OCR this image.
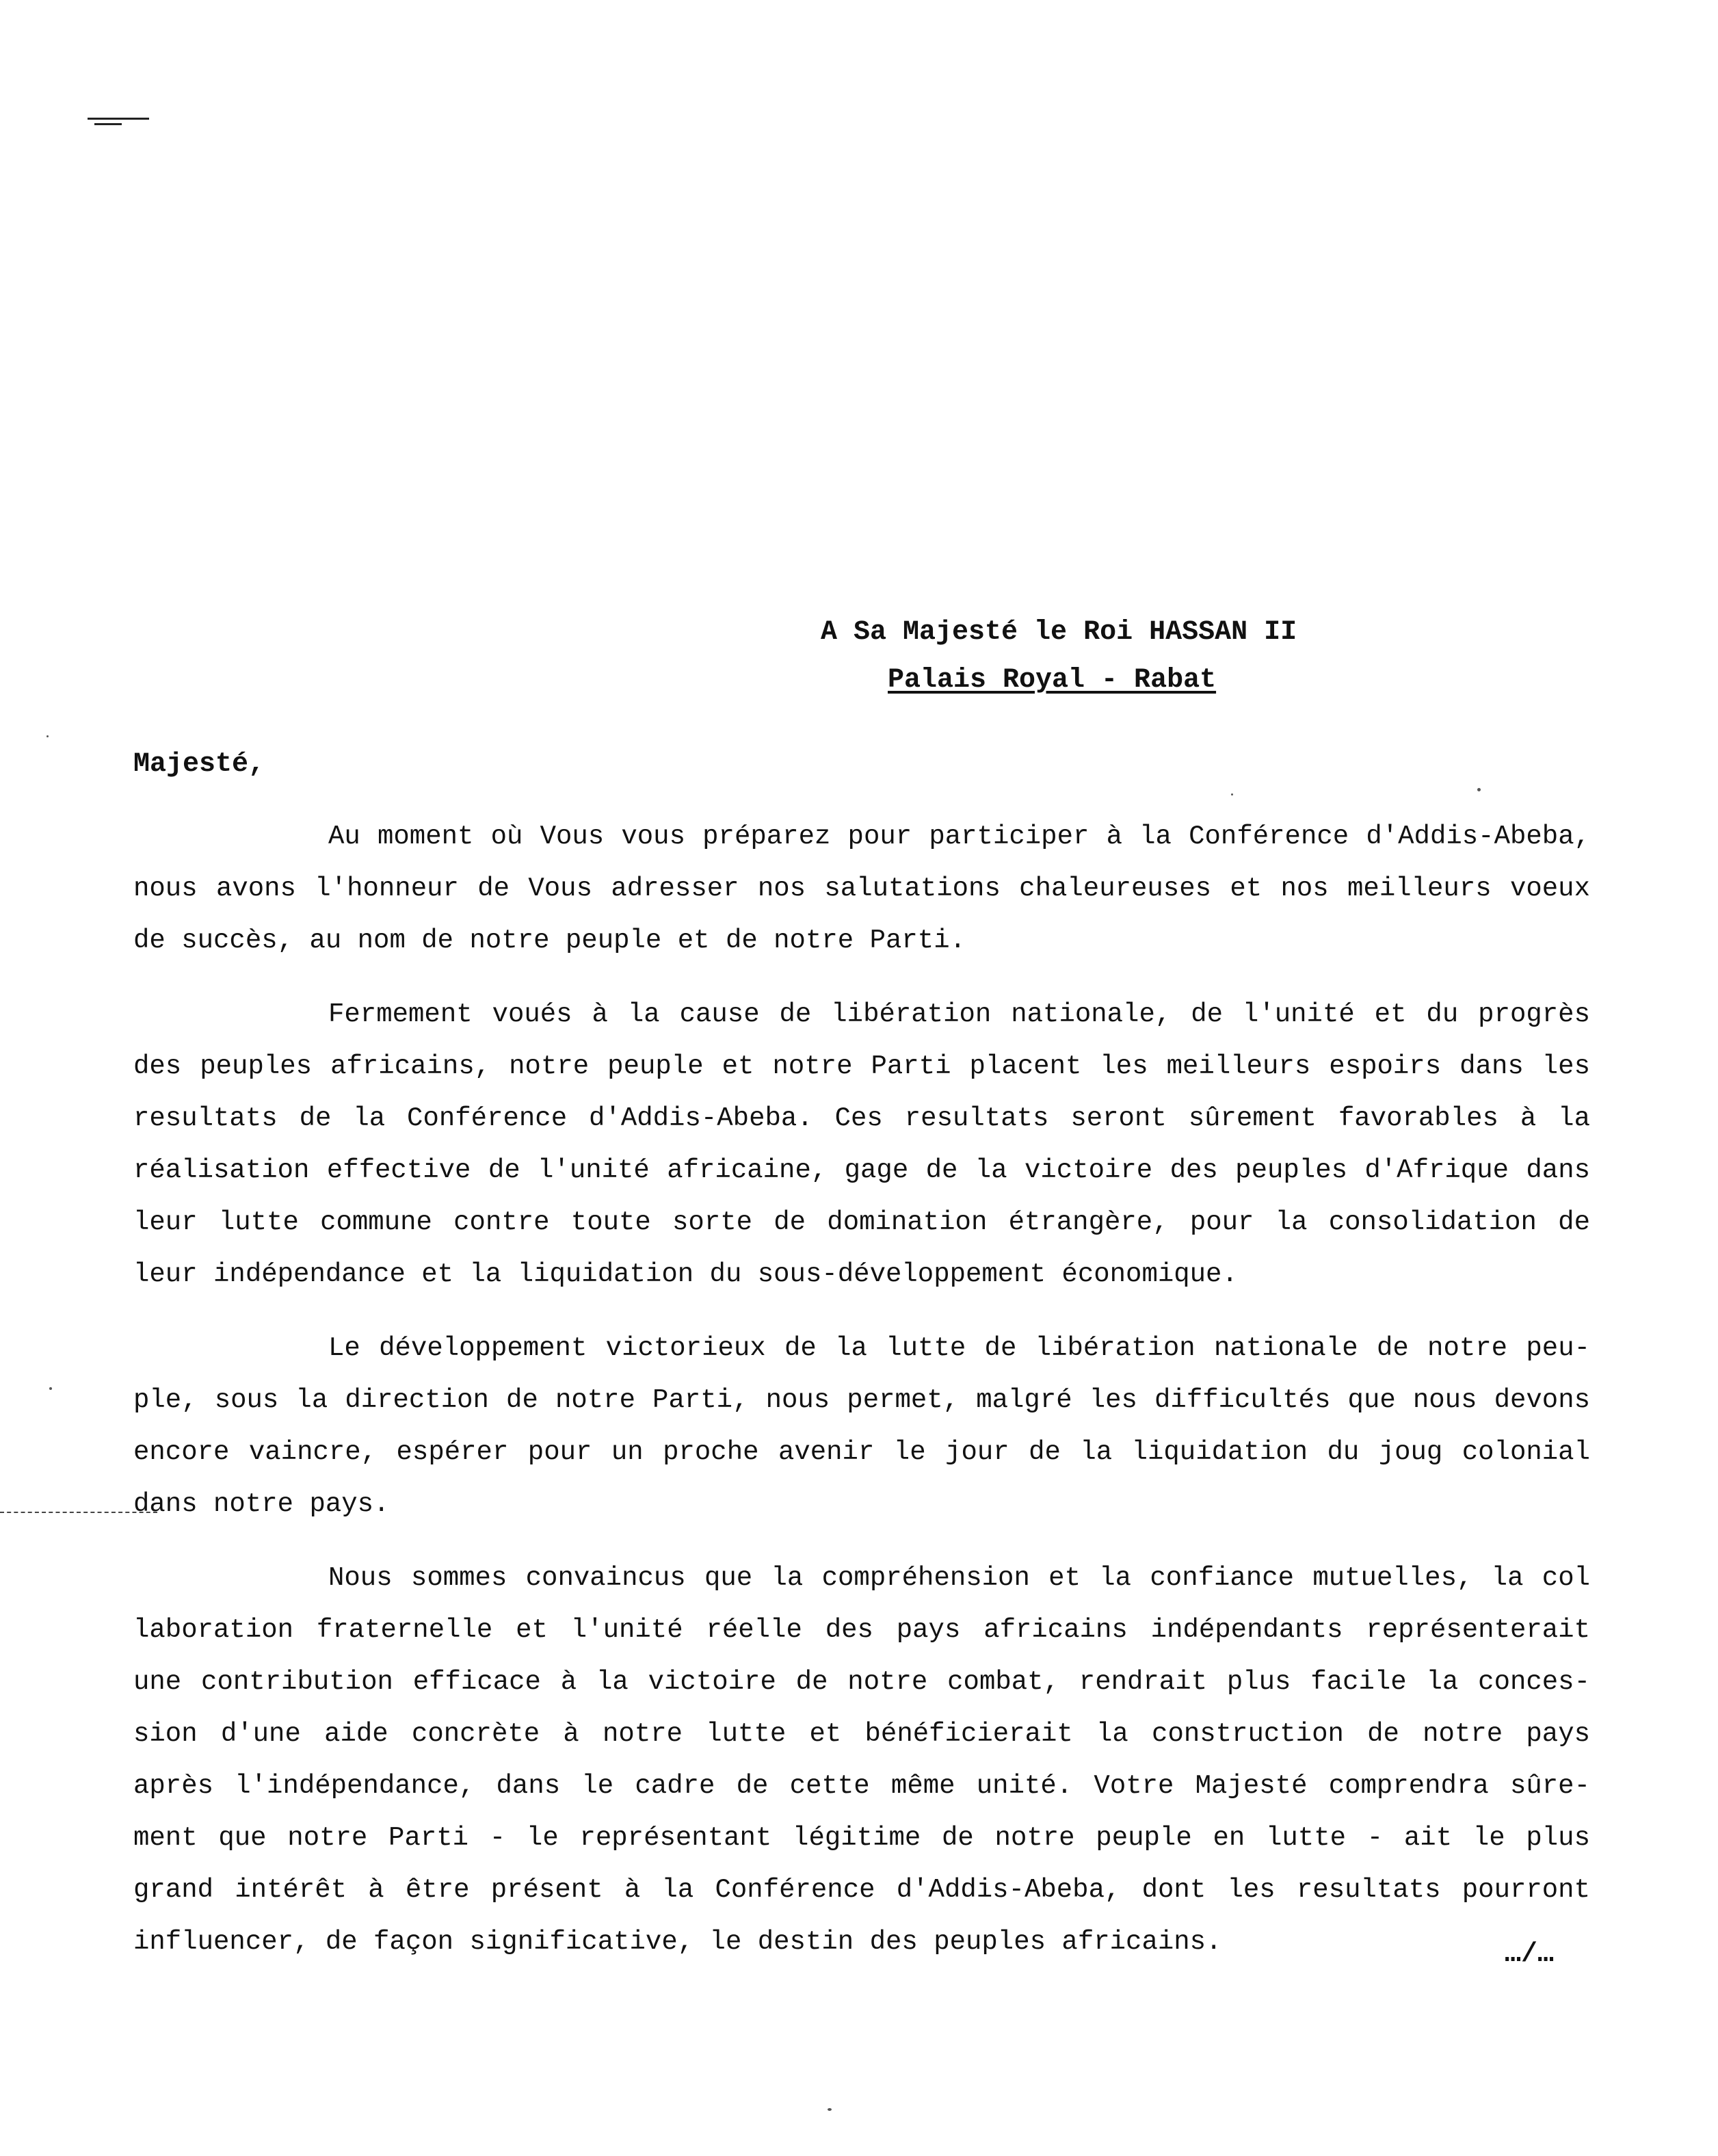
A Sa Majesté le Roi HASSAN II
Palais Royal - Rabat
Majesté,
Au moment où Vous vous préparez pour participer à la Conférence d'Addis-Abeba,
nous avons l'honneur de Vous adresser nos salutations chaleureuses et nos meilleurs voeux
de succès, au nom de notre peuple et de notre Parti.
Fermement voués à la cause de libération nationale, de l'unité et du progrès
des peuples africains, notre peuple et notre Parti placent les meilleurs espoirs dans les
resultats de la Conférence d'Addis-Abeba. Ces resultats seront sûrement favorables à la
réalisation effective de l'unité africaine, gage de la victoire des peuples d'Afrique dans
leur lutte commune contre toute sorte de domination étrangère, pour la consolidation de
leur indépendance et la liquidation du sous-développement économique.
Le développement victorieux de la lutte de libération nationale de notre peu-
ple, sous la direction de notre Parti, nous permet, malgré les difficultés que nous devons
encore vaincre, espérer pour un proche avenir le jour de la liquidation du joug colonial
dans notre pays.
Nous sommes convaincus que la compréhension et la confiance mutuelles, la col
laboration fraternelle et l'unité réelle des pays africains indépendants représenterait
une contribution efficace à la victoire de notre combat, rendrait plus facile la conces-
sion d'une aide concrète à notre lutte et bénéficierait la construction de notre pays
après l'indépendance, dans le cadre de cette même unité. Votre Majesté comprendra sûre-
ment que notre Parti - le représentant légitime de notre peuple en lutte - ait le plus
grand intérêt à être présent à la Conférence d'Addis-Abeba, dont les resultats pourront
influencer, de façon significative, le destin des peuples africains.	…/…
